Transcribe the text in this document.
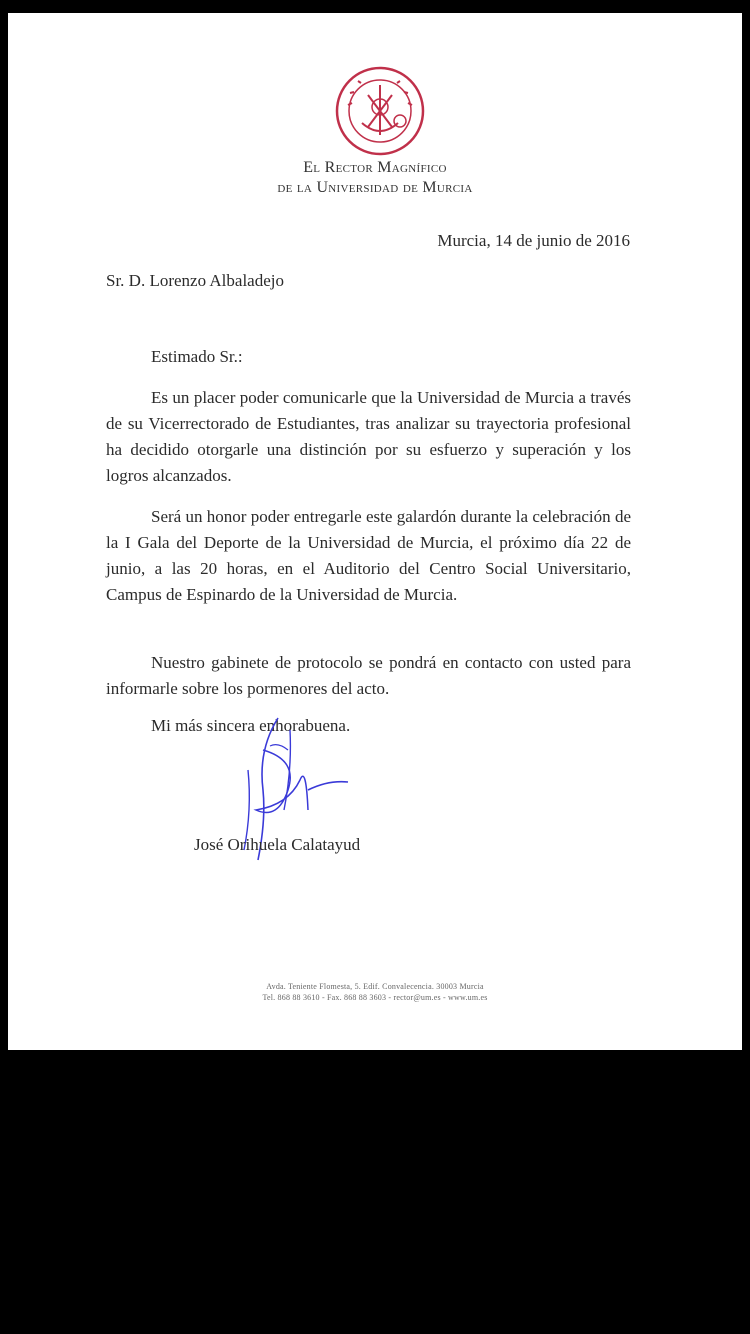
El Rector Magnífico
de la Universidad de Murcia
Murcia, 14 de junio de 2016
Sr. D. Lorenzo Albaladejo
Estimado Sr.:

Es un placer poder comunicarle que la Universidad de Murcia a través de su Vicerrectorado de Estudiantes, tras analizar su trayectoria profesional ha decidido otorgarle una distinción por su esfuerzo y superación y los logros alcanzados.

Será un honor poder entregarle este galardón durante la celebración de la I Gala del Deporte de la Universidad de Murcia, el próximo día 22 de junio, a las 20 horas, en el Auditorio del Centro Social Universitario, Campus de Espinardo de la Universidad de Murcia.

Nuestro gabinete de protocolo se pondrá en contacto con usted para informarle sobre los pormenores del acto.

Mi más sincera enhorabuena.
José Orihuela Calatayud
Avda. Teniente Flomesta, 5. Edif. Convalecencia. 30003 Murcia
Tel. 868 88 3610 - Fax. 868 88 3603 - rector@um.es - www.um.es
